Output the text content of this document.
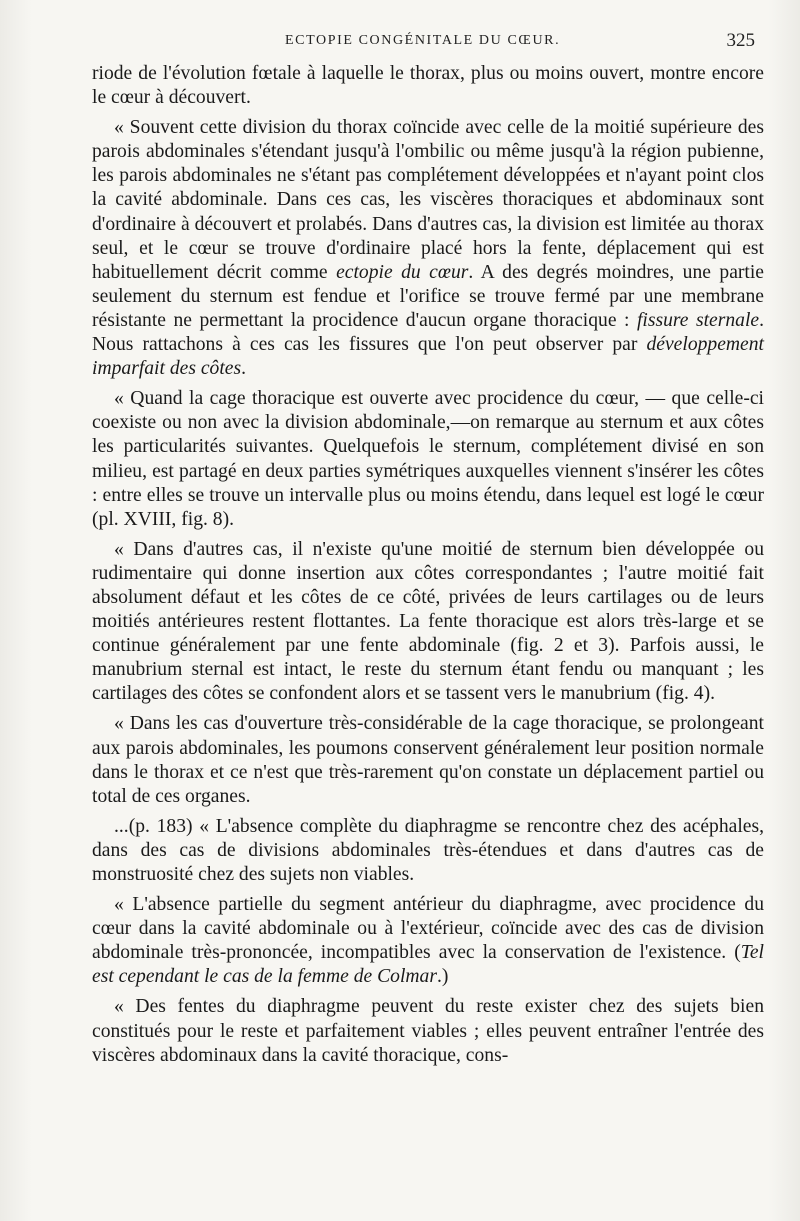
ECTOPIE CONGÉNITALE DU CŒUR.	325

riode de l'évolution fœtale à laquelle le thorax, plus ou moins ouvert, montre encore le cœur à découvert.

« Souvent cette division du thorax coïncide avec celle de la moitié supérieure des parois abdominales s'étendant jusqu'à l'ombilic ou même jusqu'à la région pubienne, les parois abdominales ne s'étant pas complétement développées et n'ayant point clos la cavité abdominale. Dans ces cas, les viscères thoraciques et abdominaux sont d'ordinaire à découvert et prolabés. Dans d'autres cas, la division est limitée au thorax seul, et le cœur se trouve d'ordinaire placé hors la fente, déplacement qui est habituellement décrit comme ectopie du cœur. A des degrés moindres, une partie seulement du sternum est fendue et l'orifice se trouve fermé par une membrane résistante ne permettant la procidence d'aucun organe thoracique : fissure sternale. Nous rattachons à ces cas les fissures que l'on peut observer par développement imparfait des côtes.

« Quand la cage thoracique est ouverte avec procidence du cœur, — que celle-ci coexiste ou non avec la division abdominale,—on remarque au sternum et aux côtes les particularités suivantes. Quelquefois le sternum, complétement divisé en son milieu, est partagé en deux parties symétriques auxquelles viennent s'insérer les côtes : entre elles se trouve un intervalle plus ou moins étendu, dans lequel est logé le cœur (pl. XVIII, fig. 8).

« Dans d'autres cas, il n'existe qu'une moitié de sternum bien développée ou rudimentaire qui donne insertion aux côtes correspondantes ; l'autre moitié fait absolument défaut et les côtes de ce côté, privées de leurs cartilages ou de leurs moitiés antérieures restent flottantes. La fente thoracique est alors très-large et se continue généralement par une fente abdominale (fig. 2 et 3). Parfois aussi, le manubrium sternal est intact, le reste du sternum étant fendu ou manquant ; les cartilages des côtes se confondent alors et se tassent vers le manubrium (fig. 4).

« Dans les cas d'ouverture très-considérable de la cage thoracique, se prolongeant aux parois abdominales, les poumons conservent généralement leur position normale dans le thorax et ce n'est que très-rarement qu'on constate un déplacement partiel ou total de ces organes.

...(p. 183) « L'absence complète du diaphragme se rencontre chez des acéphales, dans des cas de divisions abdominales très-étendues et dans d'autres cas de monstruosité chez des sujets non viables.

« L'absence partielle du segment antérieur du diaphragme, avec procidence du cœur dans la cavité abdominale ou à l'extérieur, coïncide avec des cas de division abdominale très-prononcée, incompatibles avec la conservation de l'existence. (Tel est cependant le cas de la femme de Colmar.)

« Des fentes du diaphragme peuvent du reste exister chez des sujets bien constitués pour le reste et parfaitement viables ; elles peuvent entraîner l'entrée des viscères abdominaux dans la cavité thoracique, cons-
